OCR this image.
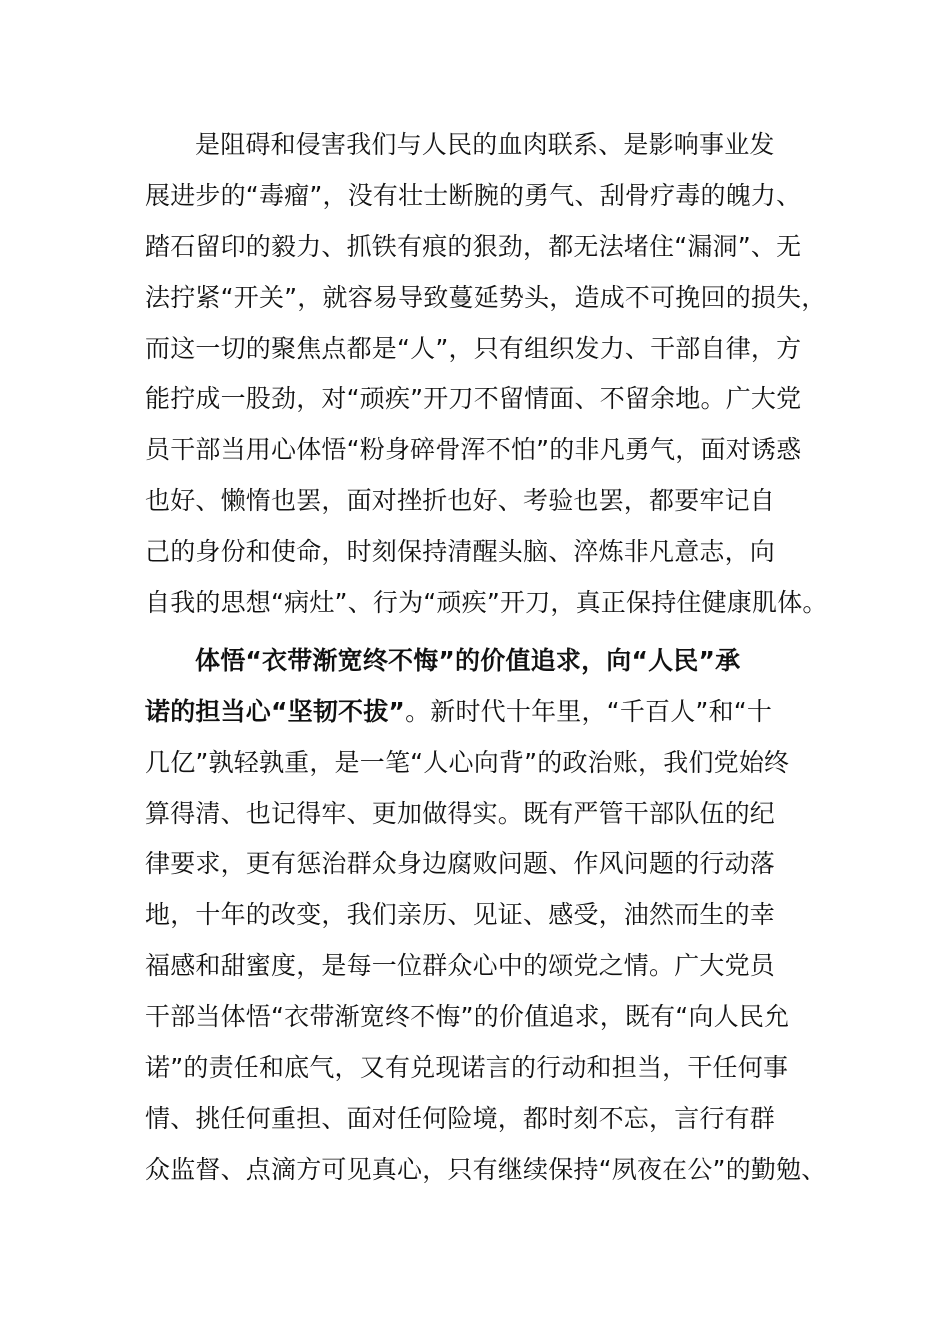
是阻碍和侵害我们与人民的血肉联系、是影响事业发
展进步的“毒瘤”，没有壮士断腕的勇气、刮骨疗毒的魄力、
踏石留印的毅力、抓铁有痕的狠劲，都无法堵住“漏洞”、无
法拧紧“开关”，就容易导致蔓延势头，造成不可挽回的损失，
而这一切的聚焦点都是“人”，只有组织发力、干部自律，方
能拧成一股劲，对“顽疾”开刀不留情面、不留余地。广大党
员干部当用心体悟“粉身碎骨浑不怕”的非凡勇气，面对诱惑
也好、懒惰也罢，面对挫折也好、考验也罢，都要牢记自
己的身份和使命，时刻保持清醒头脑、淬炼非凡意志，向
自我的思想“病灶”、行为“顽疾”开刀，真正保持住健康肌体。
体悟“衣带渐宽终不悔”的价值追求，向“人民”承
诺的担当心“坚韧不拔”。新时代十年里，“千百人”和“十
几亿”孰轻孰重，是一笔“人心向背”的政治账，我们党始终
算得清、也记得牢、更加做得实。既有严管干部队伍的纪
律要求，更有惩治群众身边腐败问题、作风问题的行动落
地，十年的改变，我们亲历、见证、感受，油然而生的幸
福感和甜蜜度，是每一位群众心中的颂党之情。广大党员
干部当体悟“衣带渐宽终不悔”的价值追求，既有“向人民允
诺”的责任和底气，又有兑现诺言的行动和担当，干任何事
情、挑任何重担、面对任何险境，都时刻不忘，言行有群
众监督、点滴方可见真心，只有继续保持“夙夜在公”的勤勉、
